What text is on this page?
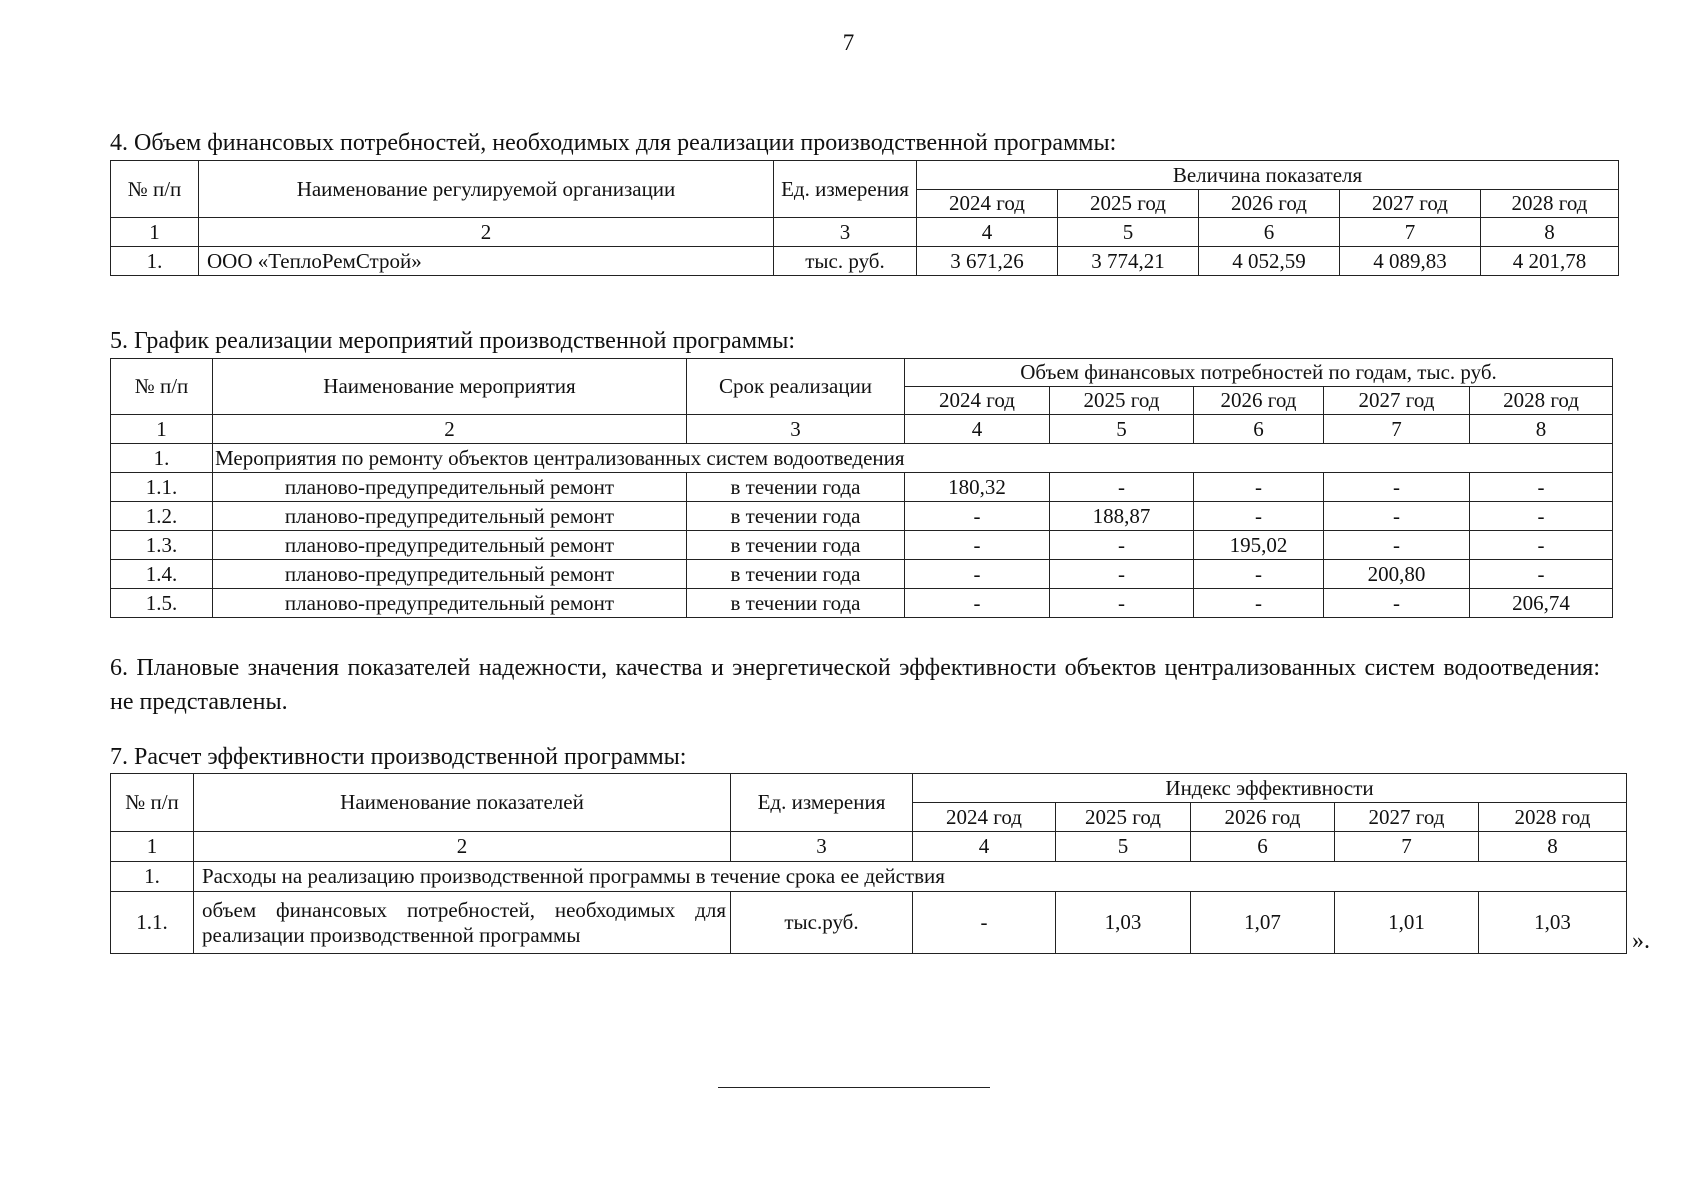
7
4. Объем финансовых потребностей, необходимых для реализации производственной программы:
№ п/п	Наименование регулируемой организации	Ед. измерения	Величина показателя				
			2024 год	2025 год	2026 год	2027 год	2028 год
1	2	3	4	5	6	7	8
1.	ООО «ТеплоРемСтрой»	тыс. руб.	3 671,26	3 774,21	4 052,59	4 089,83	4 201,78
5. График реализации мероприятий производственной программы:
№ п/п	Наименование мероприятия	Срок реализации	Объем финансовых потребностей по годам, тыс. руб.				
			2024 год	2025 год	2026 год	2027 год	2028 год
1	2	3	4	5	6	7	8
1.	Мероприятия по ремонту объектов централизованных систем водоотведения						
1.1.	планово-предупредительный ремонт	в течении года	180,32	-	-	-	-
1.2.	планово-предупредительный ремонт	в течении года	-	188,87	-	-	-
1.3.	планово-предупредительный ремонт	в течении года	-	-	195,02	-	-
1.4.	планово-предупредительный ремонт	в течении года	-	-	-	200,80	-
1.5.	планово-предупредительный ремонт	в течении года	-	-	-	-	206,74
6. Плановые значения показателей надежности, качества и энергетической эффективности объектов централизованных систем водоотведения: не представлены.
7. Расчет эффективности производственной программы:
№ п/п	Наименование показателей	Ед. измерения	Индекс эффективности				
			2024 год	2025 год	2026 год	2027 год	2028 год
1	2	3	4	5	6	7	8
1.	Расходы на реализацию производственной программы в течение срока ее действия						
1.1.	объем финансовых потребностей, необходимых для реализации производственной программы	тыс.руб.	-	1,03	1,07	1,01	1,03
».
